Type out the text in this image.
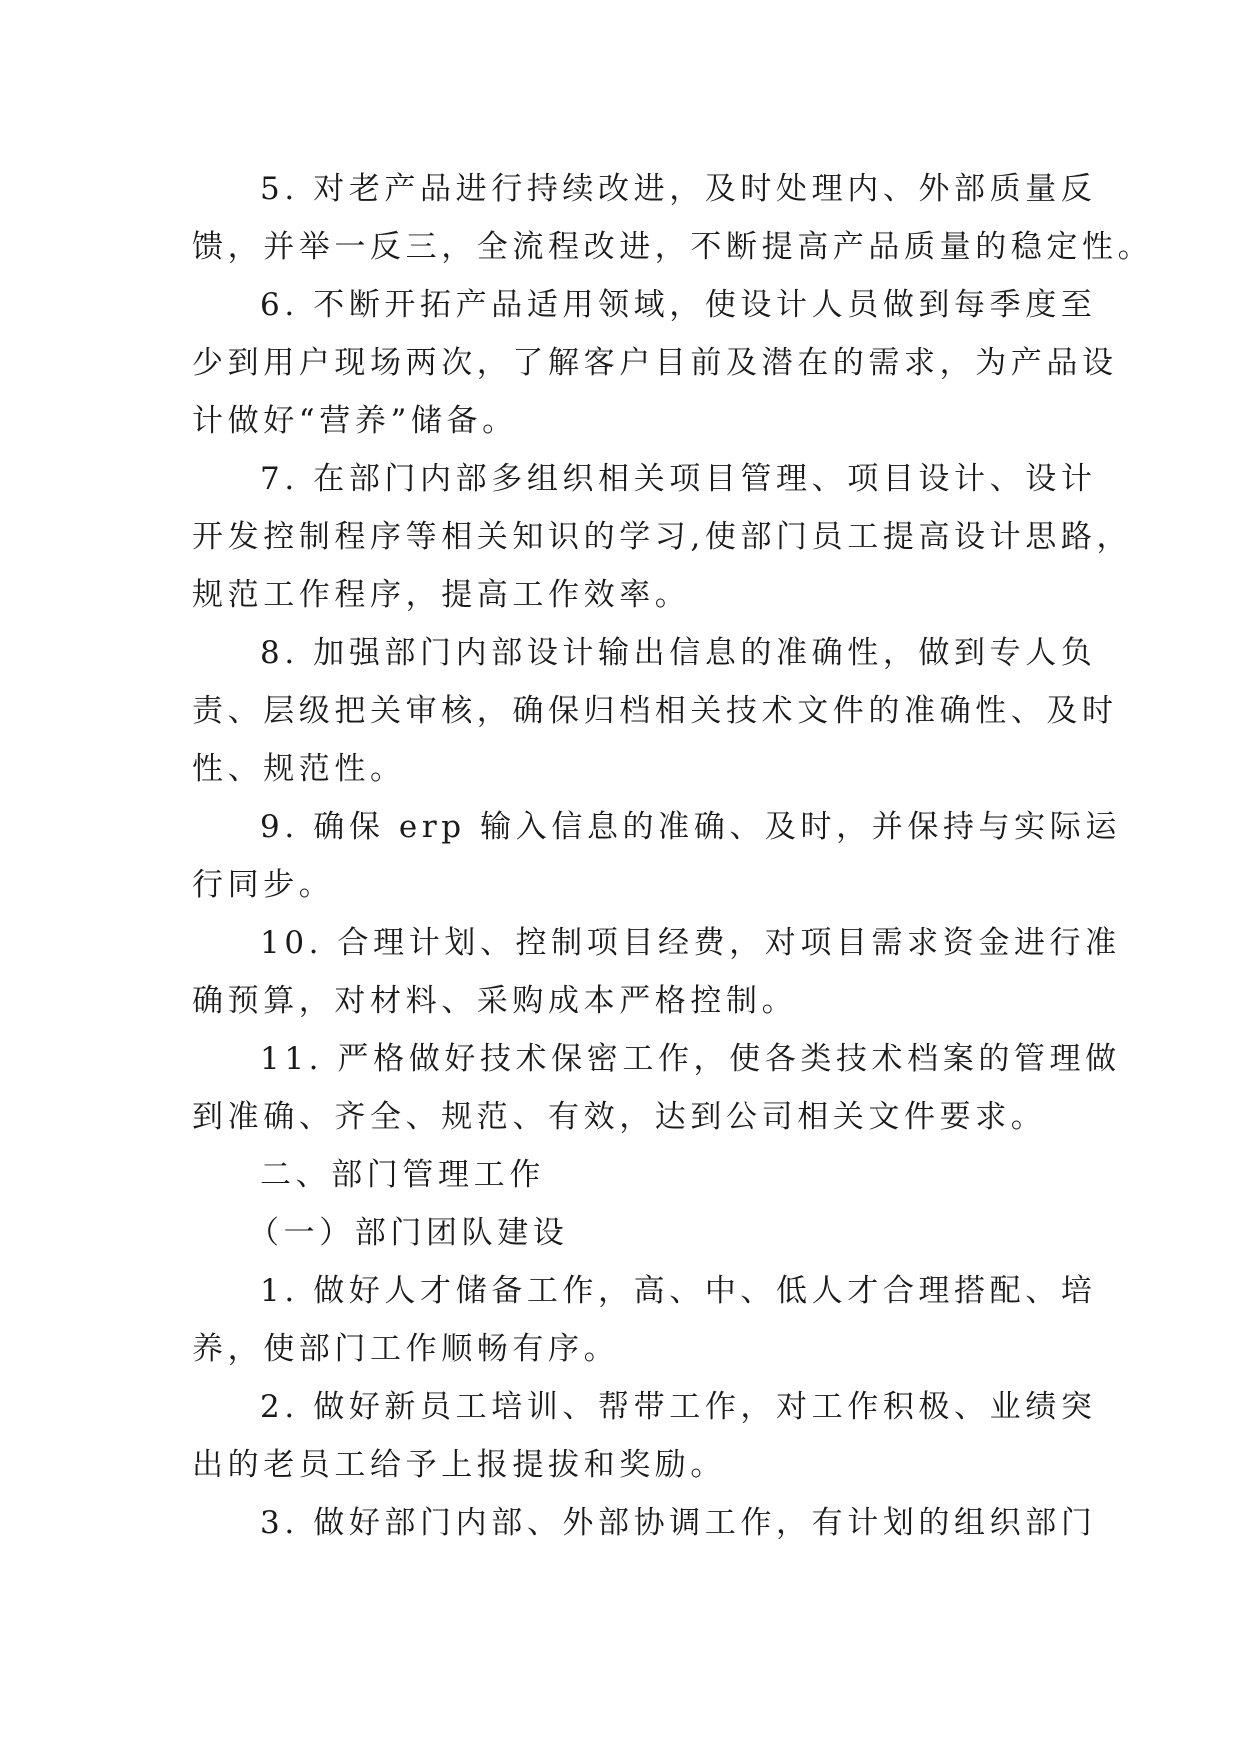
5. 对老产品进行持续改进，及时处理内、外部质量反
馈，并举一反三，全流程改进，不断提高产品质量的稳定性。

6. 不断开拓产品适用领域，使设计人员做到每季度至
少到用户现场两次，了解客户目前及潜在的需求，为产品设
计做好“营养”储备。

7. 在部门内部多组织相关项目管理、项目设计、设计
开发控制程序等相关知识的学习,使部门员工提高设计思路，
规范工作程序，提高工作效率。

8. 加强部门内部设计输出信息的准确性，做到专人负
责、层级把关审核，确保归档相关技术文件的准确性、及时
性、规范性。

9. 确保 erp 输入信息的准确、及时，并保持与实际运
行同步。

10. 合理计划、控制项目经费，对项目需求资金进行准
确预算，对材料、采购成本严格控制。

11. 严格做好技术保密工作，使各类技术档案的管理做
到准确、齐全、规范、有效，达到公司相关文件要求。

二、部门管理工作

（一）部门团队建设

1. 做好人才储备工作，高、中、低人才合理搭配、培
养，使部门工作顺畅有序。

2. 做好新员工培训、帮带工作，对工作积极、业绩突
出的老员工给予上报提拔和奖励。

3. 做好部门内部、外部协调工作，有计划的组织部门
